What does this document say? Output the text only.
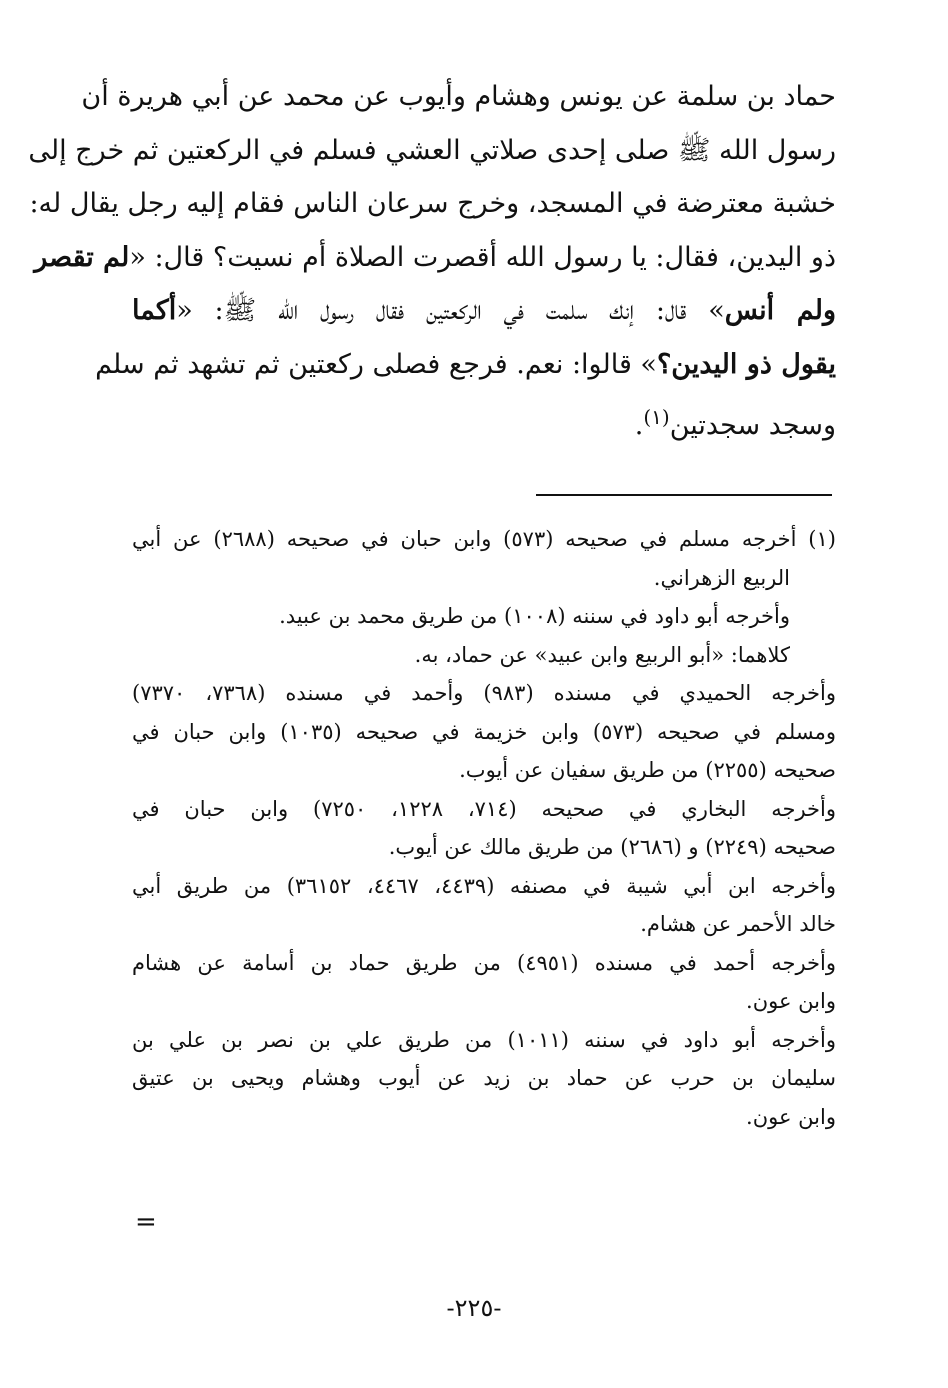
حماد بن سلمة عن يونس وهشام وأيوب عن محمد عن أبي هريرة أن
رسول الله ﷺ صلى إحدى صلاتي العشي فسلم في الركعتين ثم خرج إلى
خشبة معترضة في المسجد، وخرج سرعان الناس فقام إليه رجل يقال له:
ذو اليدين، فقال: يا رسول الله أقصرت الصلاة أم نسيت؟ قال: «لم تقصر
ولم أنس» قال: إنك سلمت في الركعتين فقال رسول الله ﷺ: «أكما
يقول ذو اليدين؟» قالوا: نعم. فرجع فصلى ركعتين ثم تشهد ثم سلم
وسجد سجدتين$^{(١)}$.
(١) أخرجه مسلم في صحيحه (٥٧٣) وابن حبان في صحيحه (٢٦٨٨) عن أبي
الربيع الزهراني.
وأخرجه أبو داود في سننه (١٠٠٨) من طريق محمد بن عبيد.
كلاهما: «أبو الربيع وابن عبيد» عن حماد، به.
وأخرجه الحميدي في مسنده (٩٨٣) وأحمد في مسنده (٧٣٦٨، ٧٣٧٠)
ومسلم في صحيحه (٥٧٣) وابن خزيمة في صحيحه (١٠٣٥) وابن حبان في
صحيحه (٢٢٥٥) من طريق سفيان عن أيوب.
وأخرجه البخاري في صحيحه (٧١٤، ١٢٢٨، ٧٢٥٠) وابن حبان في
صحيحه (٢٢٤٩) و (٢٦٨٦) من طريق مالك عن أيوب.
وأخرجه ابن أبي شيبة في مصنفه (٤٤٣٩، ٤٤٦٧، ٣٦١٥٢) من طريق أبي
خالد الأحمر عن هشام.
وأخرجه أحمد في مسنده (٤٩٥١) من طريق حماد بن أسامة عن هشام
وابن عون.
وأخرجه أبو داود في سننه (١٠١١) من طريق علي بن نصر بن علي بن
سليمان بن حرب عن حماد بن زيد عن أيوب وهشام ويحيى بن عتيق
وابن عون.
=
-٢٢٥-
